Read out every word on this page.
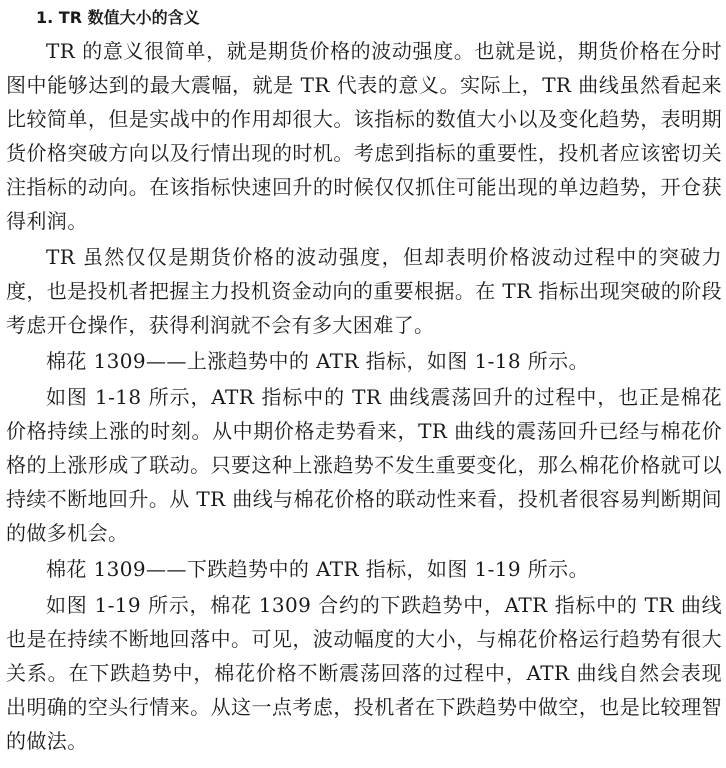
1. TR 数值大小的含义

TR 的意义很简单，就是期货价格的波动强度。也就是说，期货价格在分时图中能够达到的最大震幅，就是 TR 代表的意义。实际上，TR 曲线虽然看起来比较简单，但是实战中的作用却很大。该指标的数值大小以及变化趋势，表明期货价格突破方向以及行情出现的时机。考虑到指标的重要性，投机者应该密切关注指标的动向。在该指标快速回升的时候仅仅抓住可能出现的单边趋势，开仓获得利润。

TR 虽然仅仅是期货价格的波动强度，但却表明价格波动过程中的突破力度，也是投机者把握主力投机资金动向的重要根据。在 TR 指标出现突破的阶段考虑开仓操作，获得利润就不会有多大困难了。

棉花 1309——上涨趋势中的 ATR 指标，如图 1-18 所示。

如图 1-18 所示，ATR 指标中的 TR 曲线震荡回升的过程中，也正是棉花价格持续上涨的时刻。从中期价格走势看来，TR 曲线的震荡回升已经与棉花价格的上涨形成了联动。只要这种上涨趋势不发生重要变化，那么棉花价格就可以持续不断地回升。从 TR 曲线与棉花价格的联动性来看，投机者很容易判断期间的做多机会。

棉花 1309——下跌趋势中的 ATR 指标，如图 1-19 所示。

如图 1-19 所示，棉花 1309 合约的下跌趋势中，ATR 指标中的 TR 曲线也是在持续不断地回落中。可见，波动幅度的大小，与棉花价格运行趋势有很大关系。在下跌趋势中，棉花价格不断震荡回落的过程中，ATR 曲线自然会表现出明确的空头行情来。从这一点考虑，投机者在下跌趋势中做空，也是比较理智的做法。
